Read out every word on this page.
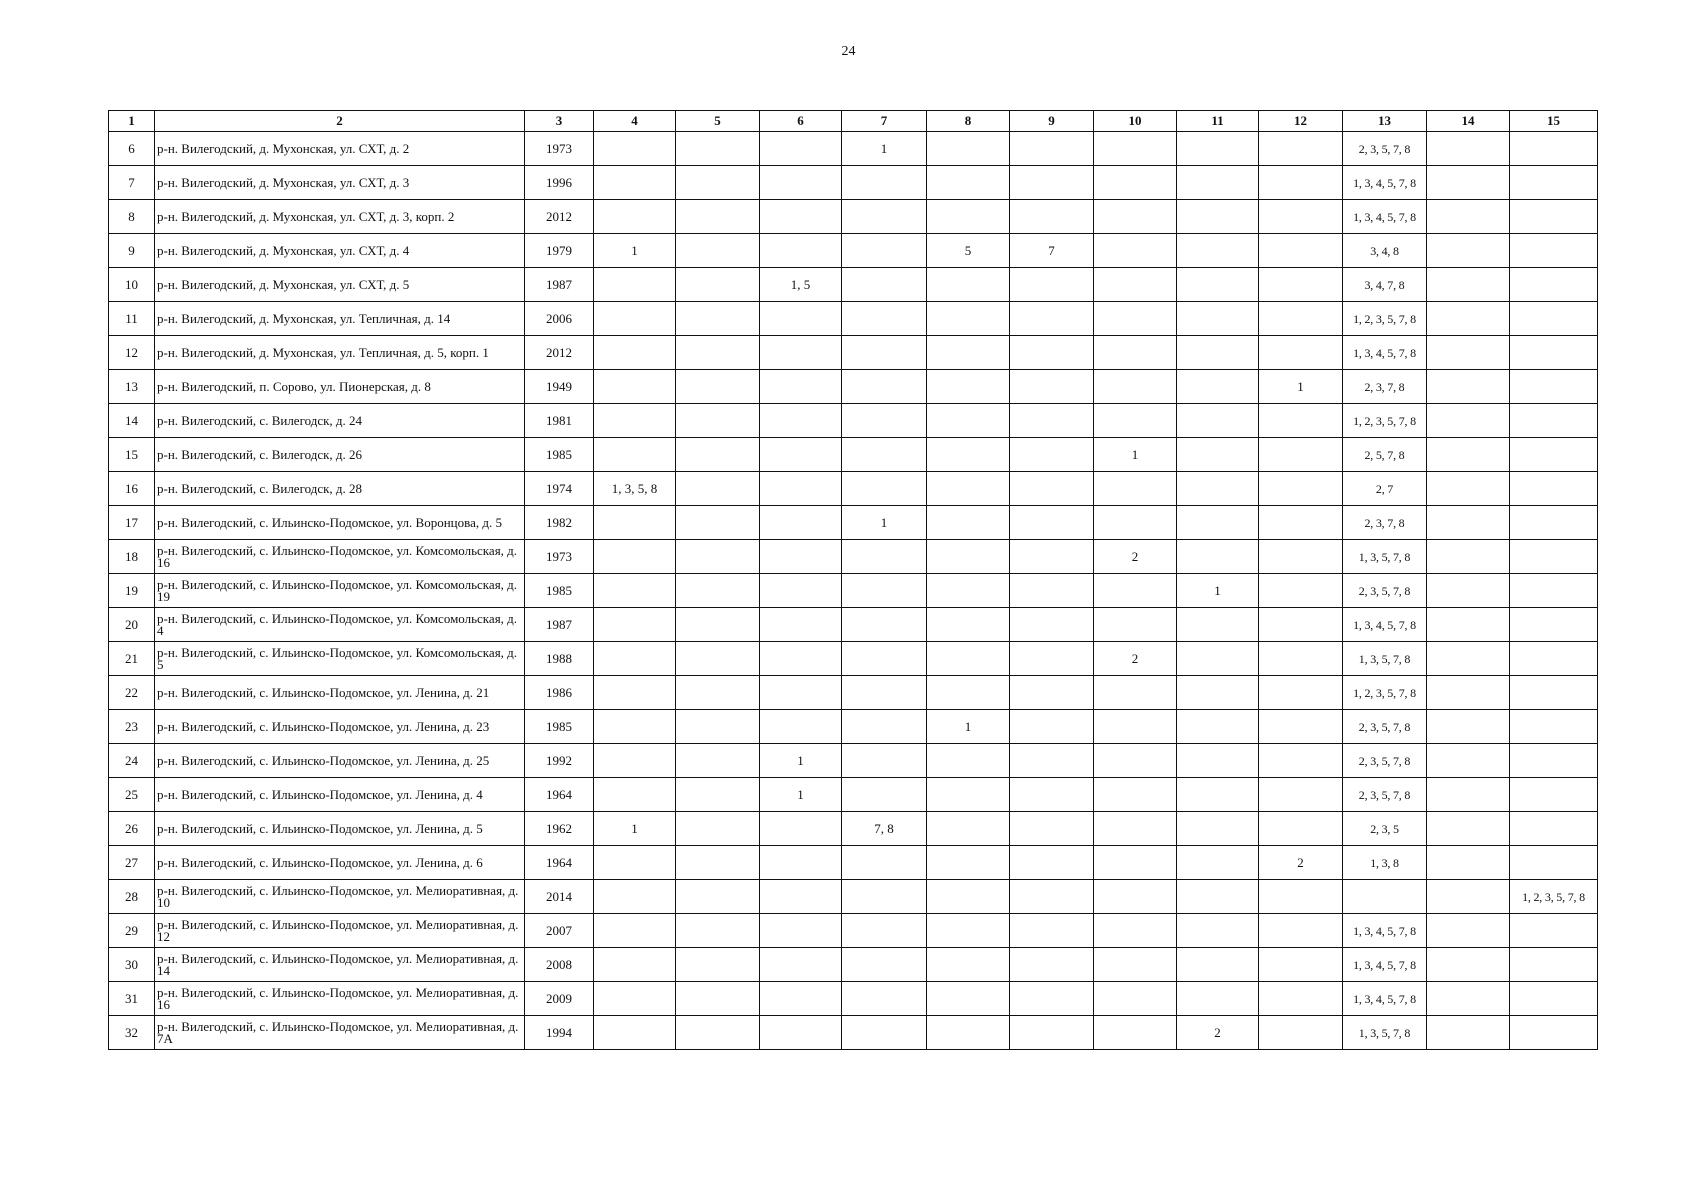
24
1	2	3	4	5	6	7	8	9	10	11	12	13	14	15
6	р-н. Вилегодский, д. Мухонская, ул. СХТ, д. 2	1973				1						2, 3, 5, 7, 8		
7	р-н. Вилегодский, д. Мухонская, ул. СХТ, д. 3	1996										1, 3, 4, 5, 7, 8		
8	р-н. Вилегодский, д. Мухонская, ул. СХТ, д. 3, корп. 2	2012										1, 3, 4, 5, 7, 8		
9	р-н. Вилегодский, д. Мухонская, ул. СХТ, д. 4	1979	1				5	7				3, 4, 8		
10	р-н. Вилегодский, д. Мухонская, ул. СХТ, д. 5	1987			1, 5							3, 4, 7, 8		
11	р-н. Вилегодский, д. Мухонская, ул. Тепличная, д. 14	2006										1, 2, 3, 5, 7, 8		
12	р-н. Вилегодский, д. Мухонская, ул. Тепличная, д. 5, корп. 1	2012										1, 3, 4, 5, 7, 8		
13	р-н. Вилегодский, п. Сорово, ул. Пионерская, д. 8	1949									1	2, 3, 7, 8		
14	р-н. Вилегодский, с. Вилегодск, д. 24	1981										1, 2, 3, 5, 7, 8		
15	р-н. Вилегодский, с. Вилегодск, д. 26	1985							1			2, 5, 7, 8		
16	р-н. Вилегодский, с. Вилегодск, д. 28	1974	1, 3, 5, 8									2, 7		
17	р-н. Вилегодский, с. Ильинско-Подомское, ул. Воронцова, д. 5	1982				1						2, 3, 7, 8		
18	р-н. Вилегодский, с. Ильинско-Подомское, ул. Комсомольская, д. 16	1973							2			1, 3, 5, 7, 8		
19	р-н. Вилегодский, с. Ильинско-Подомское, ул. Комсомольская, д. 19	1985								1		2, 3, 5, 7, 8		
20	р-н. Вилегодский, с. Ильинско-Подомское, ул. Комсомольская, д. 4	1987										1, 3, 4, 5, 7, 8		
21	р-н. Вилегодский, с. Ильинско-Подомское, ул. Комсомольская, д. 5	1988							2			1, 3, 5, 7, 8		
22	р-н. Вилегодский, с. Ильинско-Подомское, ул. Ленина, д. 21	1986										1, 2, 3, 5, 7, 8		
23	р-н. Вилегодский, с. Ильинско-Подомское, ул. Ленина, д. 23	1985					1					2, 3, 5, 7, 8		
24	р-н. Вилегодский, с. Ильинско-Подомское, ул. Ленина, д. 25	1992			1							2, 3, 5, 7, 8		
25	р-н. Вилегодский, с. Ильинско-Подомское, ул. Ленина, д. 4	1964			1							2, 3, 5, 7, 8		
26	р-н. Вилегодский, с. Ильинско-Подомское, ул. Ленина, д. 5	1962	1			7, 8						2, 3, 5		
27	р-н. Вилегодский, с. Ильинско-Подомское, ул. Ленина, д. 6	1964									2	1, 3, 8		
28	р-н. Вилегодский, с. Ильинско-Подомское, ул. Мелиоративная, д. 10	2014												1, 2, 3, 5, 7, 8
29	р-н. Вилегодский, с. Ильинско-Подомское, ул. Мелиоративная, д. 12	2007										1, 3, 4, 5, 7, 8		
30	р-н. Вилегодский, с. Ильинско-Подомское, ул. Мелиоративная, д. 14	2008										1, 3, 4, 5, 7, 8		
31	р-н. Вилегодский, с. Ильинско-Подомское, ул. Мелиоративная, д. 16	2009										1, 3, 4, 5, 7, 8		
32	р-н. Вилегодский, с. Ильинско-Подомское, ул. Мелиоративная, д. 7А	1994								2		1, 3, 5, 7, 8		
